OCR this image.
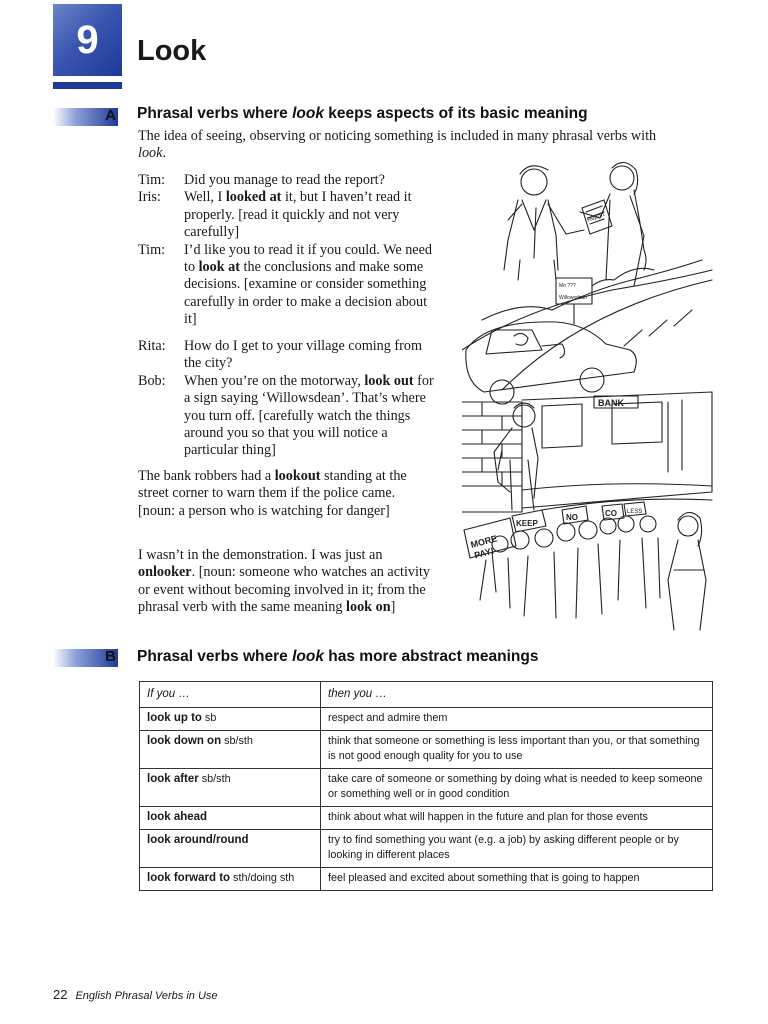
9	Look
A Phrasal verbs where look keeps aspects of its basic meaning
The idea of seeing, observing or noticing something is included in many phrasal verbs with look.
Tim:	Did you manage to read the report?
Iris:	Well, I looked at it, but I haven’t read it properly. [read it quickly and not very carefully]
Tim:	I’d like you to read it if you could. We need to look at the conclusions and make some decisions. [examine or consider something carefully in order to make a decision about it]
Rita:	How do I get to your village coming from the city?
Bob:	When you’re on the motorway, look out for a sign saying ‘Willowsdean’. That’s where you turn off. [carefully watch the things around you so that you will notice a particular thing]
The bank robbers had a lookout standing at the street corner to warn them if the police came. [noun: a person who is watching for danger]
I wasn’t in the demonstration. I was just an onlooker. [noun: someone who watches an activity or event without becoming involved in it; from the phrasal verb with the same meaning look on]
Report
Mo ???
Willowsdean
BANK
MORE
PAY!
KEEP
NO	CO LESS
B Phrasal verbs where look has more abstract meanings
If you …	then you …
look up to sb	respect and admire them
look down on sb/sth	think that someone or something is less important than you, or that something is not good enough quality for you to use
look after sb/sth	take care of someone or something by doing what is needed to keep someone or something well or in good condition
look ahead	think about what will happen in the future and plan for those events
look around/round	try to find something you want (e.g. a job) by asking different people or by looking in different places
look forward to sth/doing sth	feel pleased and excited about something that is going to happen
22 English Phrasal Verbs in Use
